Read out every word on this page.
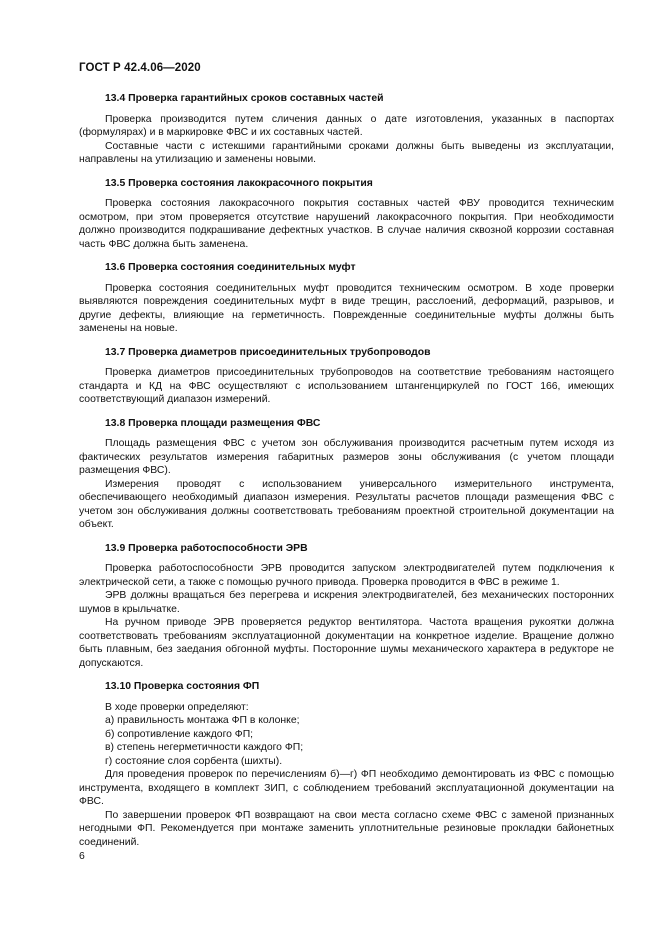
ГОСТ Р 42.4.06—2020

13.4 Проверка гарантийных сроков составных частей

Проверка производится путем сличения данных о дате изготовления, указанных в паспортах (формулярах) и в маркировке ФВС и их составных частей.

Составные части с истекшими гарантийными сроками должны быть выведены из эксплуатации, направлены на утилизацию и заменены новыми.

13.5 Проверка состояния лакокрасочного покрытия

Проверка состояния лакокрасочного покрытия составных частей ФВУ проводится техническим осмотром, при этом проверяется отсутствие нарушений лакокрасочного покрытия. При необходимости должно производится подкрашивание дефектных участков. В случае наличия сквозной коррозии составная часть ФВС должна быть заменена.

13.6 Проверка состояния соединительных муфт

Проверка состояния соединительных муфт проводится техническим осмотром. В ходе проверки выявляются повреждения соединительных муфт в виде трещин, расслоений, деформаций, разрывов, и другие дефекты, влияющие на герметичность. Поврежденные соединительные муфты должны быть заменены на новые.

13.7 Проверка диаметров присоединительных трубопроводов

Проверка диаметров присоединительных трубопроводов на соответствие требованиям настоящего стандарта и КД на ФВС осуществляют с использованием штангенциркулей по ГОСТ 166, имеющих соответствующий диапазон измерений.

13.8 Проверка площади размещения ФВС

Площадь размещения ФВС с учетом зон обслуживания производится расчетным путем исходя из фактических результатов измерения габаритных размеров зоны обслуживания (с учетом площади размещения ФВС).

Измерения проводят с использованием универсального измерительного инструмента, обеспечивающего необходимый диапазон измерения. Результаты расчетов площади размещения ФВС с учетом зон обслуживания должны соответствовать требованиям проектной строительной документации на объект.

13.9 Проверка работоспособности ЭРВ

Проверка работоспособности ЭРВ проводится запуском электродвигателей путем подключения к электрической сети, а также с помощью ручного привода. Проверка проводится в ФВС в режиме 1.

ЭРВ должны вращаться без перегрева и искрения электродвигателей, без механических посторонних шумов в крыльчатке.

На ручном приводе ЭРВ проверяется редуктор вентилятора. Частота вращения рукоятки должна соответствовать требованиям эксплуатационной документации на конкретное изделие. Вращение должно быть плавным, без заедания обгонной муфты. Посторонние шумы механического характера в редукторе не допускаются.

13.10 Проверка состояния ФП

В ходе проверки определяют:

а) правильность монтажа ФП в колонке;

б) сопротивление каждого ФП;

в) степень негерметичности каждого ФП;

г) состояние слоя сорбента (шихты).

Для проведения проверок по перечислениям б)—г) ФП необходимо демонтировать из ФВС с помощью инструмента, входящего в комплект ЗИП, с соблюдением требований эксплуатационной документации на ФВС.

По завершении проверок ФП возвращают на свои места согласно схеме ФВС с заменой признанных негодными ФП. Рекомендуется при монтаже заменить уплотнительные резиновые прокладки байонетных соединений.

6
